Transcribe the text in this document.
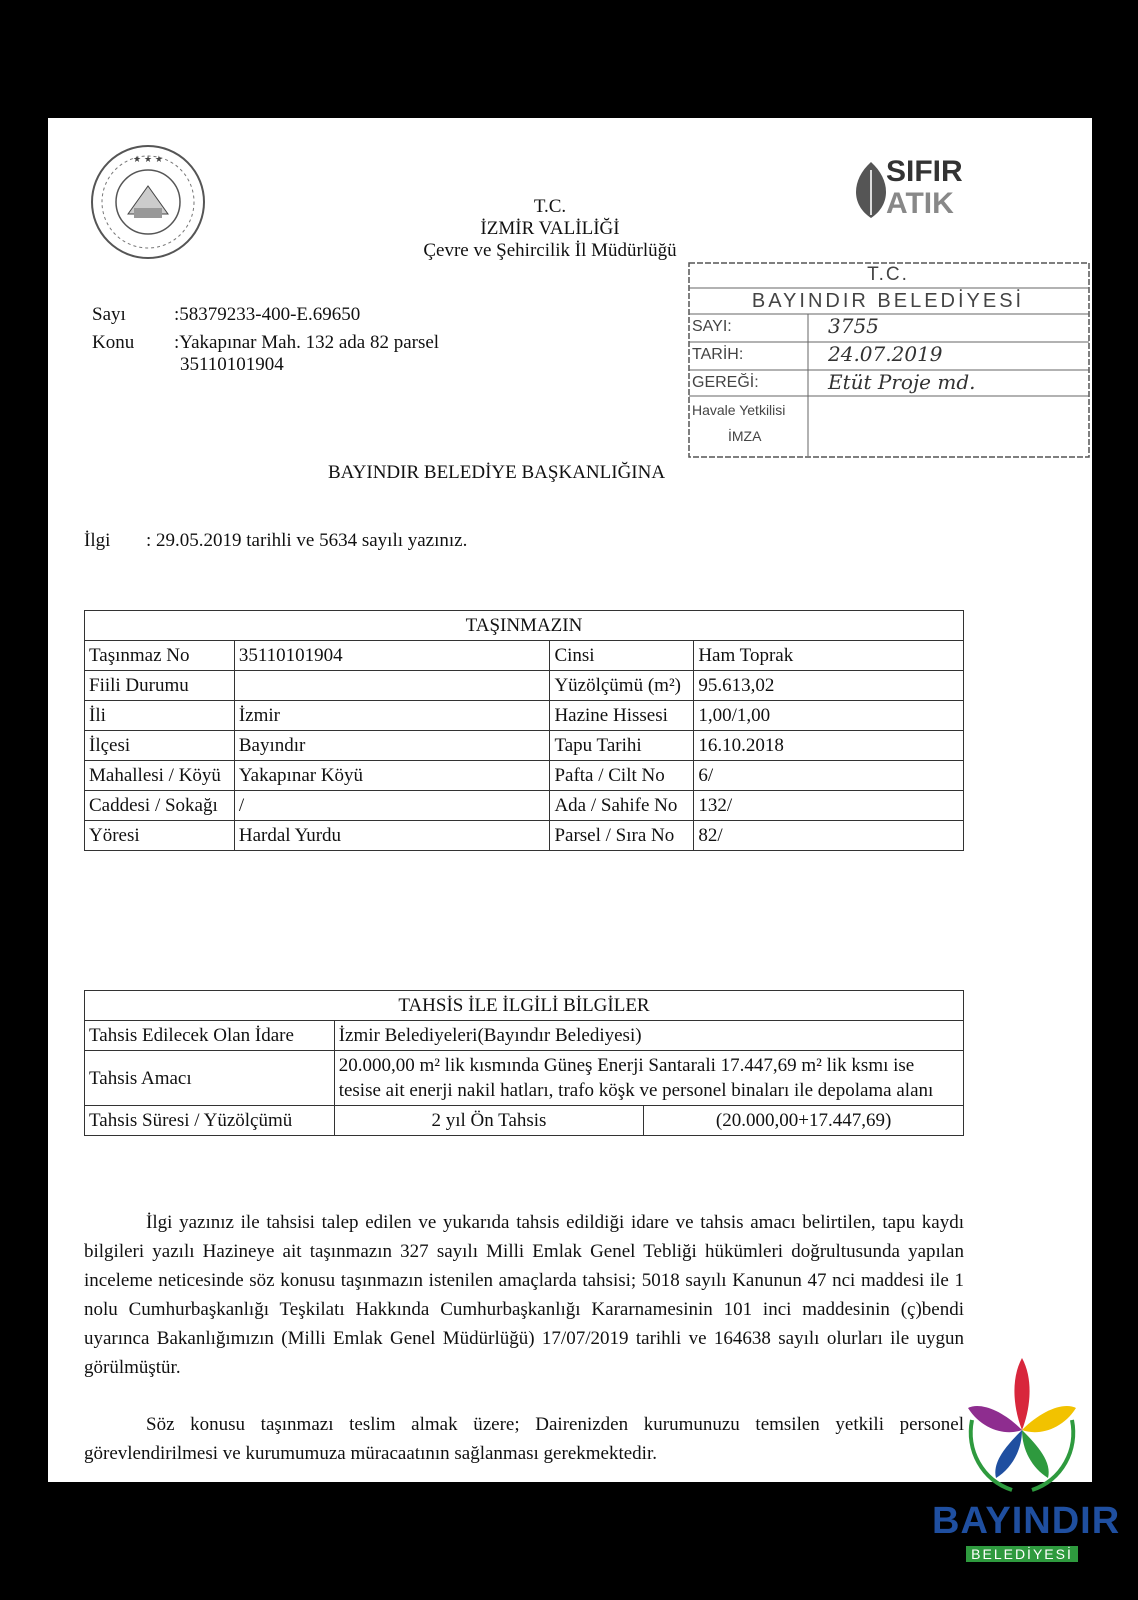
★ ★ ★
T.C.
İZMİR VALİLİĞİ
Çevre ve Şehircilik İl Müdürlüğü
SIFIR
ATIK
T.C.
BAYINDIR BELEDİYESİ
SAYI:	3755
TARİH:	24.07.2019
GEREĞİ:	Etüt Proje md.
Havale Yetkilisi
İMZA
Sayı	:58379233-400-E.69650
Konu :Yakapınar Mah. 132 ada 82 parsel
35110101904
BAYINDIR BELEDİYE BAŞKANLIĞINA
İlgi : 29.05.2019 tarihli ve 5634 sayılı yazınız.
TAŞINMAZIN			
Taşınmaz No	35110101904	Cinsi	Ham Toprak
Fiili Durumu		Yüzölçümü (m²)	95.613,02
İli	İzmir	Hazine Hissesi	1,00/1,00
İlçesi	Bayındır	Tapu Tarihi	16.10.2018
Mahallesi / Köyü	Yakapınar Köyü	Pafta / Cilt No	6/
Caddesi / Sokağı	/	Ada / Sahife No	132/
Yöresi	Hardal Yurdu	Parsel / Sıra No	82/
TAHSİS İLE İLGİLİ BİLGİLER		
Tahsis Edilecek Olan İdare	İzmir Belediyeleri(Bayındır Belediyesi)	
Tahsis Amacı	20.000,00 m² lik kısmında Güneş Enerji Santarali 17.447,69 m² lik ksmı ise tesise ait enerji nakil hatları, trafo köşk ve personel binaları ile depolama alanı	
Tahsis Süresi / Yüzölçümü	2 yıl Ön Tahsis	(20.000,00+17.447,69)
İlgi yazınız ile tahsisi talep edilen ve yukarıda tahsis edildiği idare ve tahsis amacı belirtilen, tapu kaydı bilgileri yazılı Hazineye ait taşınmazın 327 sayılı Milli Emlak Genel Tebliği hükümleri doğrultusunda yapılan inceleme neticesinde söz konusu taşınmazın istenilen amaçlarda tahsisi; 5018 sayılı Kanunun 47 nci maddesi ile 1 nolu Cumhurbaşkanlığı Teşkilatı Hakkında Cumhurbaşkanlığı Kararnamesinin 101 inci maddesinin (ç)bendi uyarınca Bakanlığımızın (Milli Emlak Genel Müdürlüğü) 17/07/2019 tarihli ve 164638 sayılı olurları ile uygun görülmüştür.
Söz konusu taşınmazı teslim almak üzere; Dairenizden kurumunuzu temsilen yetkili personel görevlendirilmesi ve kurumumuza müracaatının sağlanması gerekmektedir.
BAYINDIR
BELEDİYESİ
